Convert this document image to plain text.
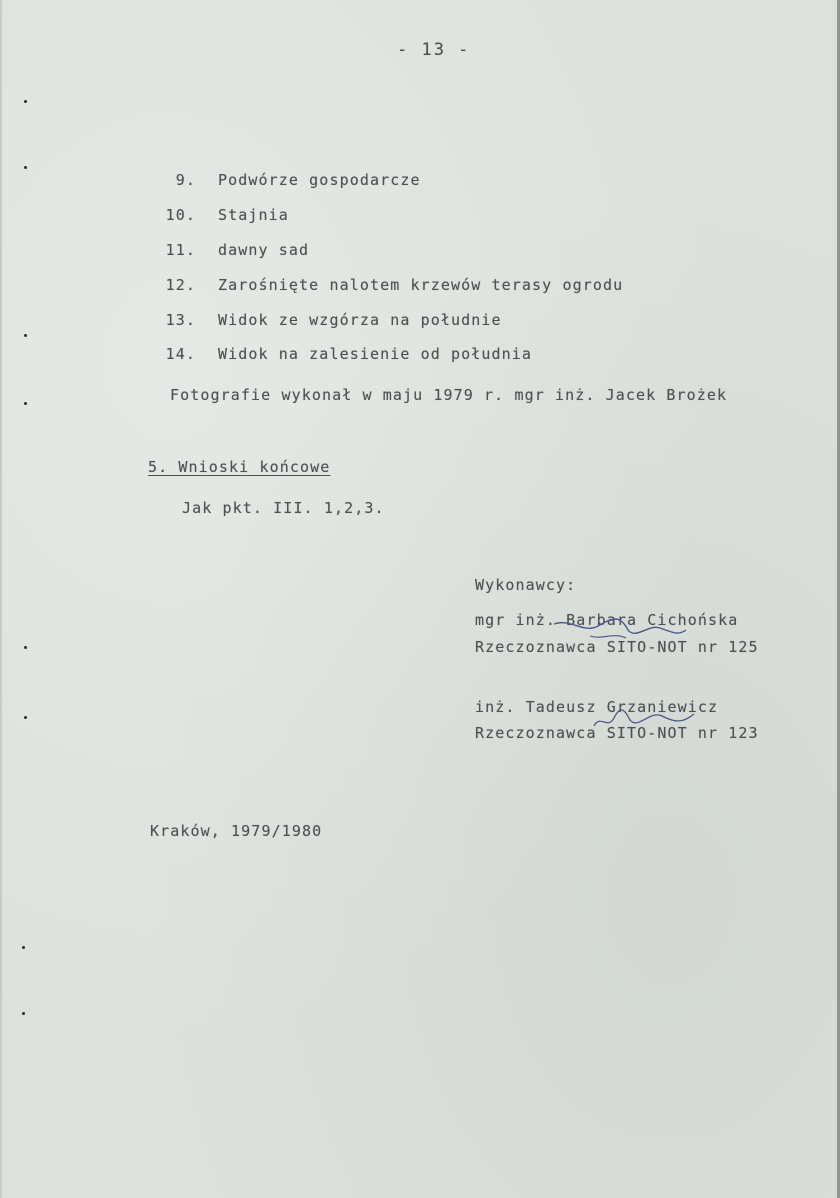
- 13 -
9. Podwórze gospodarcze
10. Stajnia
11. dawny sad
12. Zarośnięte nalotem krzewów terasy ogrodu
13. Widok ze wzgórza na południe
14. Widok na zalesienie od południa
Fotografie wykonał w maju 1979 r. mgr inż. Jacek Brożek
5. Wnioski końcowe
Jak pkt. III. 1,2,3.
Wykonawcy:
mgr inż. Barbara Cichońska
Rzeczoznawca SITO-NOT nr 125
inż. Tadeusz Grzaniewicz
Rzeczoznawca SITO-NOT nr 123
Kraków, 1979/1980
